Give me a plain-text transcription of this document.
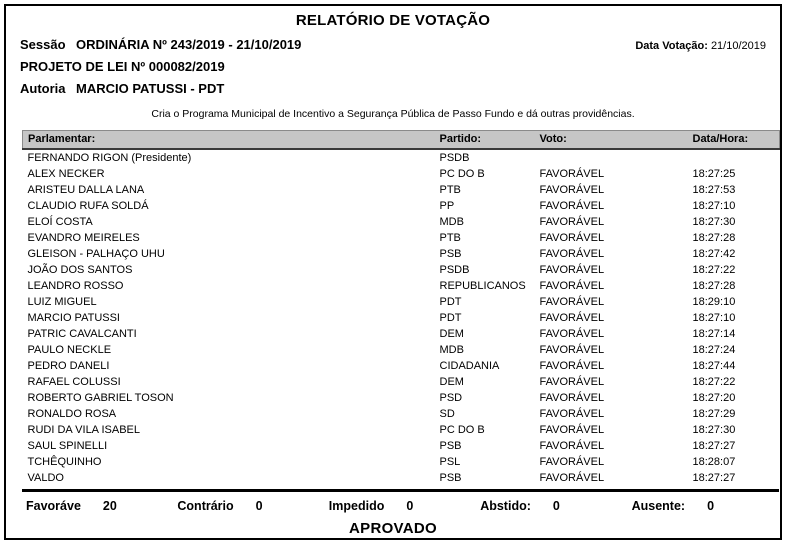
RELATÓRIO DE VOTAÇÃO
Sessão ORDINÁRIA Nº 243/2019 - 21/10/2019	Data Votação: 21/10/2019
PROJETO DE LEI Nº 000082/2019
Autoria MARCIO PATUSSI - PDT
Cria o Programa Municipal de Incentivo a Segurança Pública de Passo Fundo e dá outras providências.
Parlamentar:	Partido:	Voto:	Data/Hora:
FERNANDO RIGON (Presidente)	PSDB		
ALEX NECKER	PC DO B	FAVORÁVEL	18:27:25
ARISTEU DALLA LANA	PTB	FAVORÁVEL	18:27:53
CLAUDIO RUFA SOLDÁ	PP	FAVORÁVEL	18:27:10
ELOÍ COSTA	MDB	FAVORÁVEL	18:27:30
EVANDRO MEIRELES	PTB	FAVORÁVEL	18:27:28
GLEISON - PALHAÇO UHU	PSB	FAVORÁVEL	18:27:42
JOÃO DOS SANTOS	PSDB	FAVORÁVEL	18:27:22
LEANDRO ROSSO	REPUBLICANOS	FAVORÁVEL	18:27:28
LUIZ MIGUEL	PDT	FAVORÁVEL	18:29:10
MARCIO PATUSSI	PDT	FAVORÁVEL	18:27:10
PATRIC CAVALCANTI	DEM	FAVORÁVEL	18:27:14
PAULO NECKLE	MDB	FAVORÁVEL	18:27:24
PEDRO DANELI	CIDADANIA	FAVORÁVEL	18:27:44
RAFAEL COLUSSI	DEM	FAVORÁVEL	18:27:22
ROBERTO GABRIEL TOSON	PSD	FAVORÁVEL	18:27:20
RONALDO ROSA	SD	FAVORÁVEL	18:27:29
RUDI DA VILA ISABEL	PC DO B	FAVORÁVEL	18:27:30
SAUL SPINELLI	PSB	FAVORÁVEL	18:27:27
TCHÊQUINHO	PSL	FAVORÁVEL	18:28:07
VALDO	PSB	FAVORÁVEL	18:27:27
Favoráve 20	Contrário 0	Impedido 0	Abstido: 0	Ausente: 0
APROVADO
